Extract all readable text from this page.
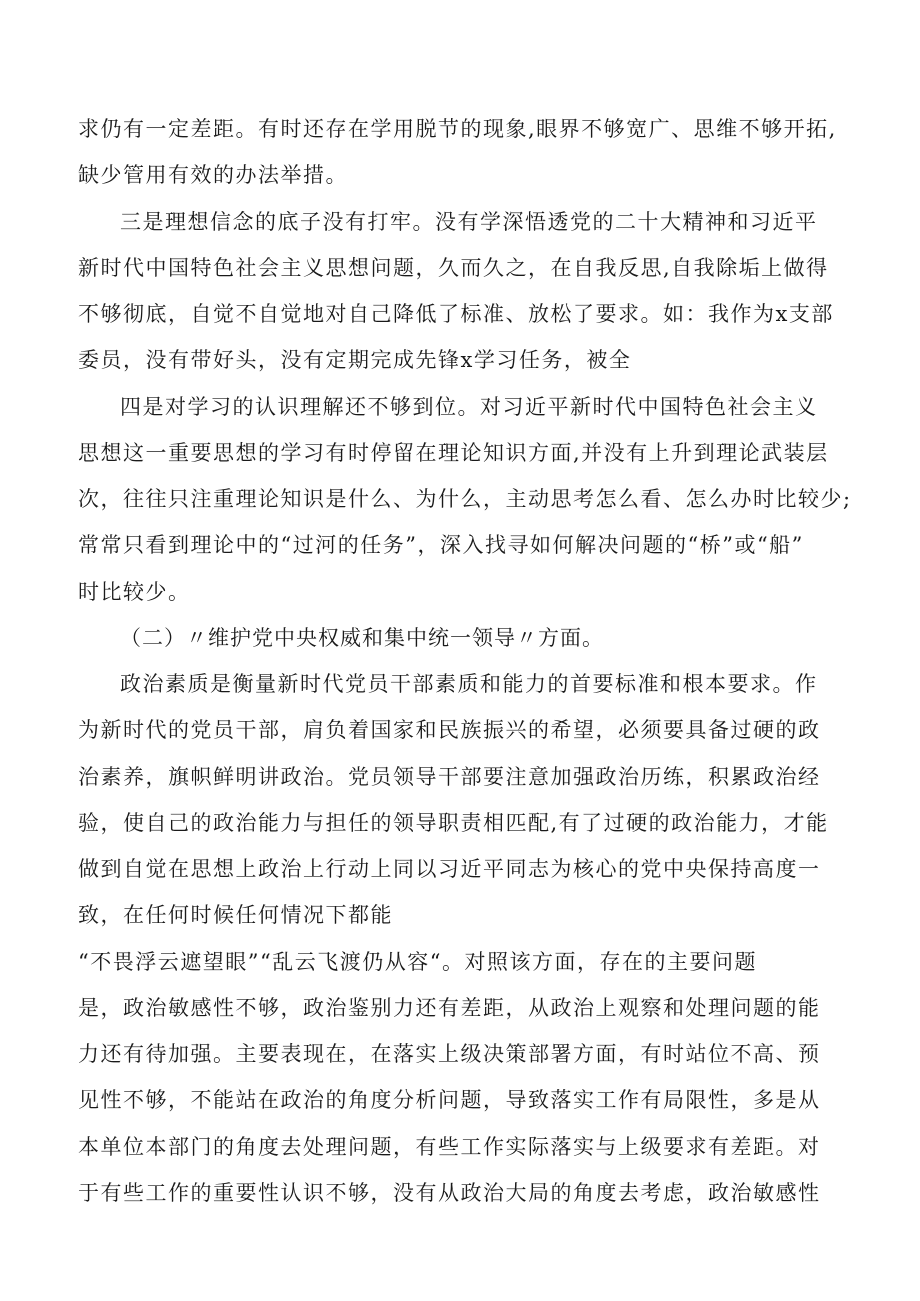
求仍有一定差距。有时还存在学用脱节的现象,眼界不够宽广、思维不够开拓,
缺少管用有效的办法举措。
三是理想信念的底子没有打牢。没有学深悟透党的二十大精神和习近平
新时代中国特色社会主义思想问题，久而久之，在自我反思,自我除垢上做得
不够彻底，自觉不自觉地对自己降低了标准、放松了要求。如：我作为x支部
委员，没有带好头，没有定期完成先锋x学习任务，被全
四是对学习的认识理解还不够到位。对习近平新时代中国特色社会主义
思想这一重要思想的学习有时停留在理论知识方面,并没有上升到理论武装层
次，往往只注重理论知识是什么、为什么，主动思考怎么看、怎么办时比较少;
常常只看到理论中的“过河的任务”，深入找寻如何解决问题的“桥”或“船”
时比较少。
（二）〃维护党中央权威和集中统一领导〃方面。
政治素质是衡量新时代党员干部素质和能力的首要标准和根本要求。作
为新时代的党员干部，肩负着国家和民族振兴的希望，必须要具备过硬的政
治素养，旗帜鲜明讲政治。党员领导干部要注意加强政治历练，积累政治经
验，使自己的政治能力与担任的领导职责相匹配,有了过硬的政治能力，才能
做到自觉在思想上政治上行动上同以习近平同志为核心的党中央保持高度一
致，在任何时候任何情况下都能
“不畏浮云遮望眼”“乱云飞渡仍从容“。对照该方面，存在的主要问题
是，政治敏感性不够，政治鉴别力还有差距，从政治上观察和处理问题的能
力还有待加强。主要表现在，在落实上级决策部署方面，有时站位不高、预
见性不够，不能站在政治的角度分析问题，导致落实工作有局限性，多是从
本单位本部门的角度去处理问题，有些工作实际落实与上级要求有差距。对
于有些工作的重要性认识不够，没有从政治大局的角度去考虑，政治敏感性
